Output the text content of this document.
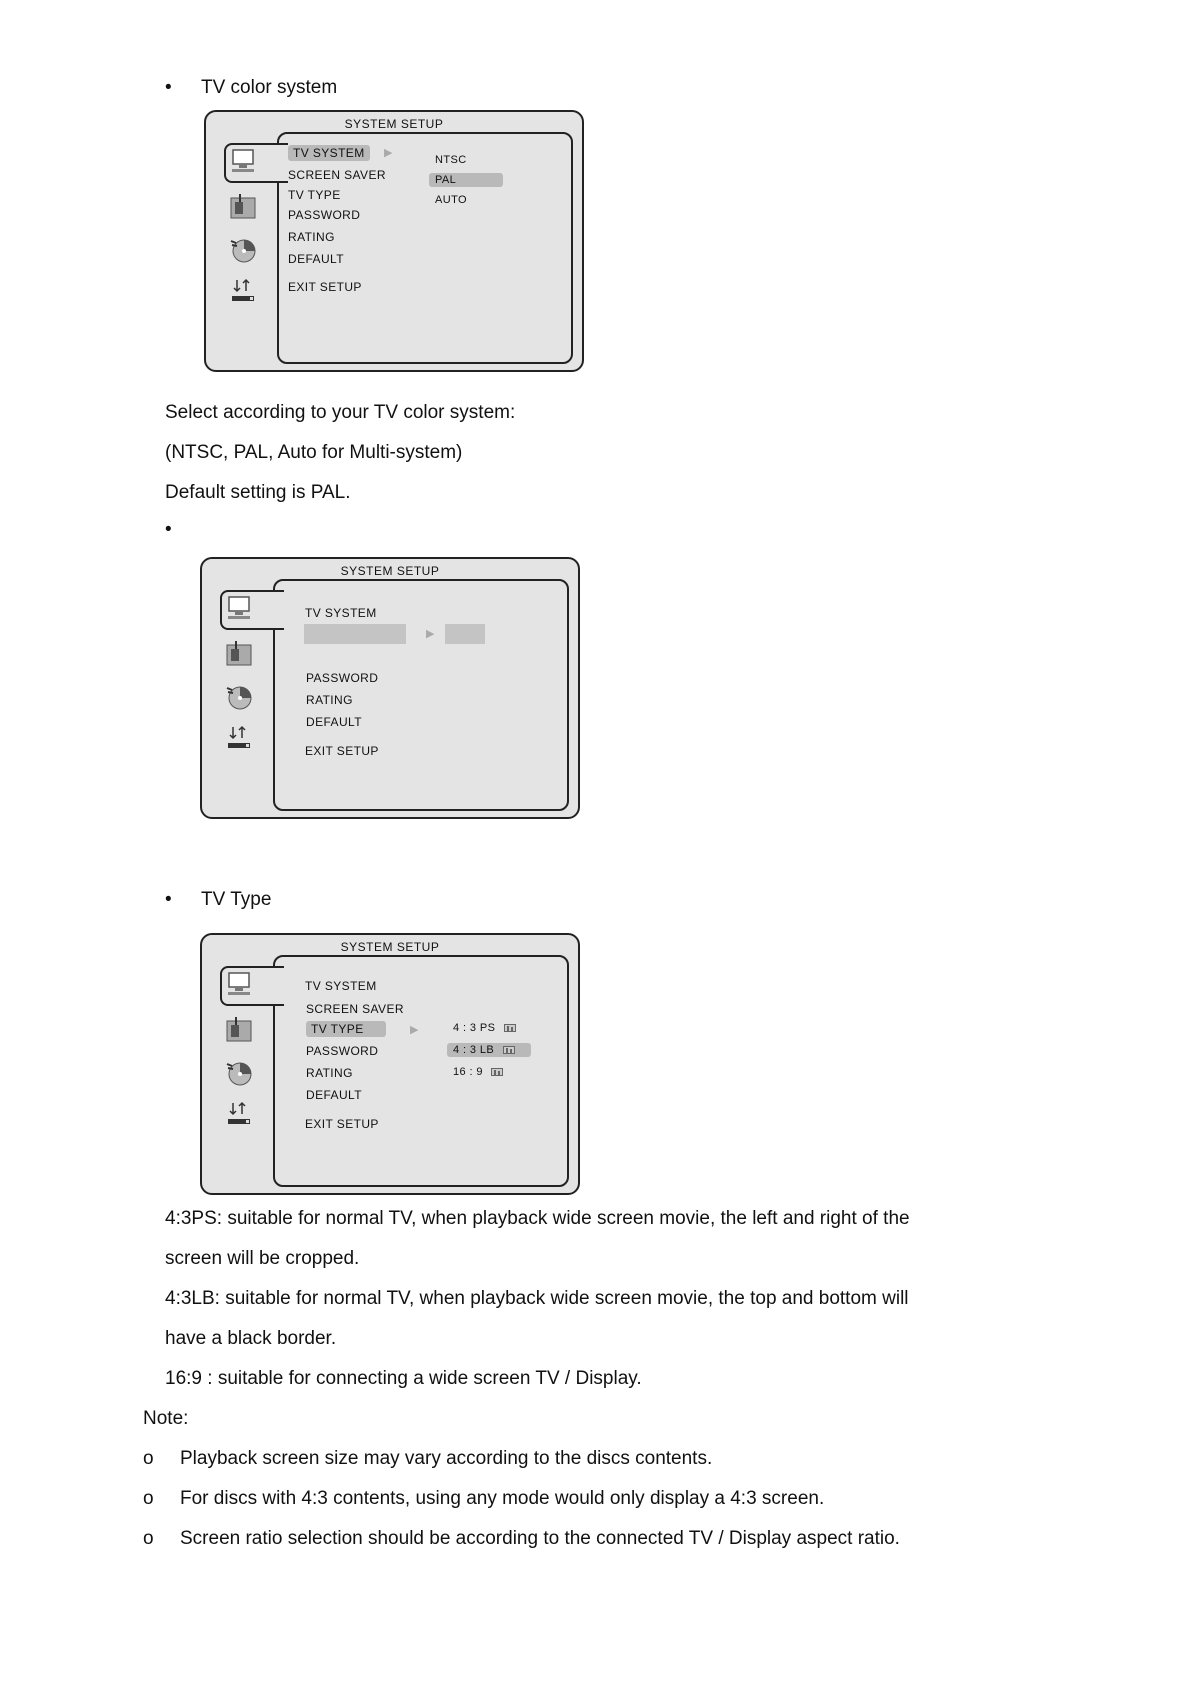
• TV color system
SYSTEM SETUP
TV SYSTEM	▶
SCREEN SAVER
TV TYPE
PASSWORD
RATING
DEFAULT
EXIT SETUP
NTSC
PAL
AUTO
Select according to your TV color system:
(NTSC, PAL, Auto for Multi-system)
Default setting is PAL.
•
SYSTEM SETUP
TV SYSTEM
▶
PASSWORD
RATING
DEFAULT
EXIT SETUP
• TV Type
SYSTEM SETUP
TV SYSTEM
SCREEN SAVER
TV TYPE	▶
PASSWORD
RATING
DEFAULT
EXIT SETUP
4 : 3 PS
4 : 3 LB
16 : 9
4:3PS: suitable for normal TV, when playback wide screen movie, the left and right of the
screen will be cropped.
4:3LB: suitable for normal TV, when playback wide screen movie, the top and bottom will
have a black border.
16:9 : suitable for connecting a wide screen TV / Display.
Note:
o Playback screen size may vary according to the discs contents.
o For discs with 4:3 contents, using any mode would only display a 4:3 screen.
o Screen ratio selection should be according to the connected TV / Display aspect ratio.
